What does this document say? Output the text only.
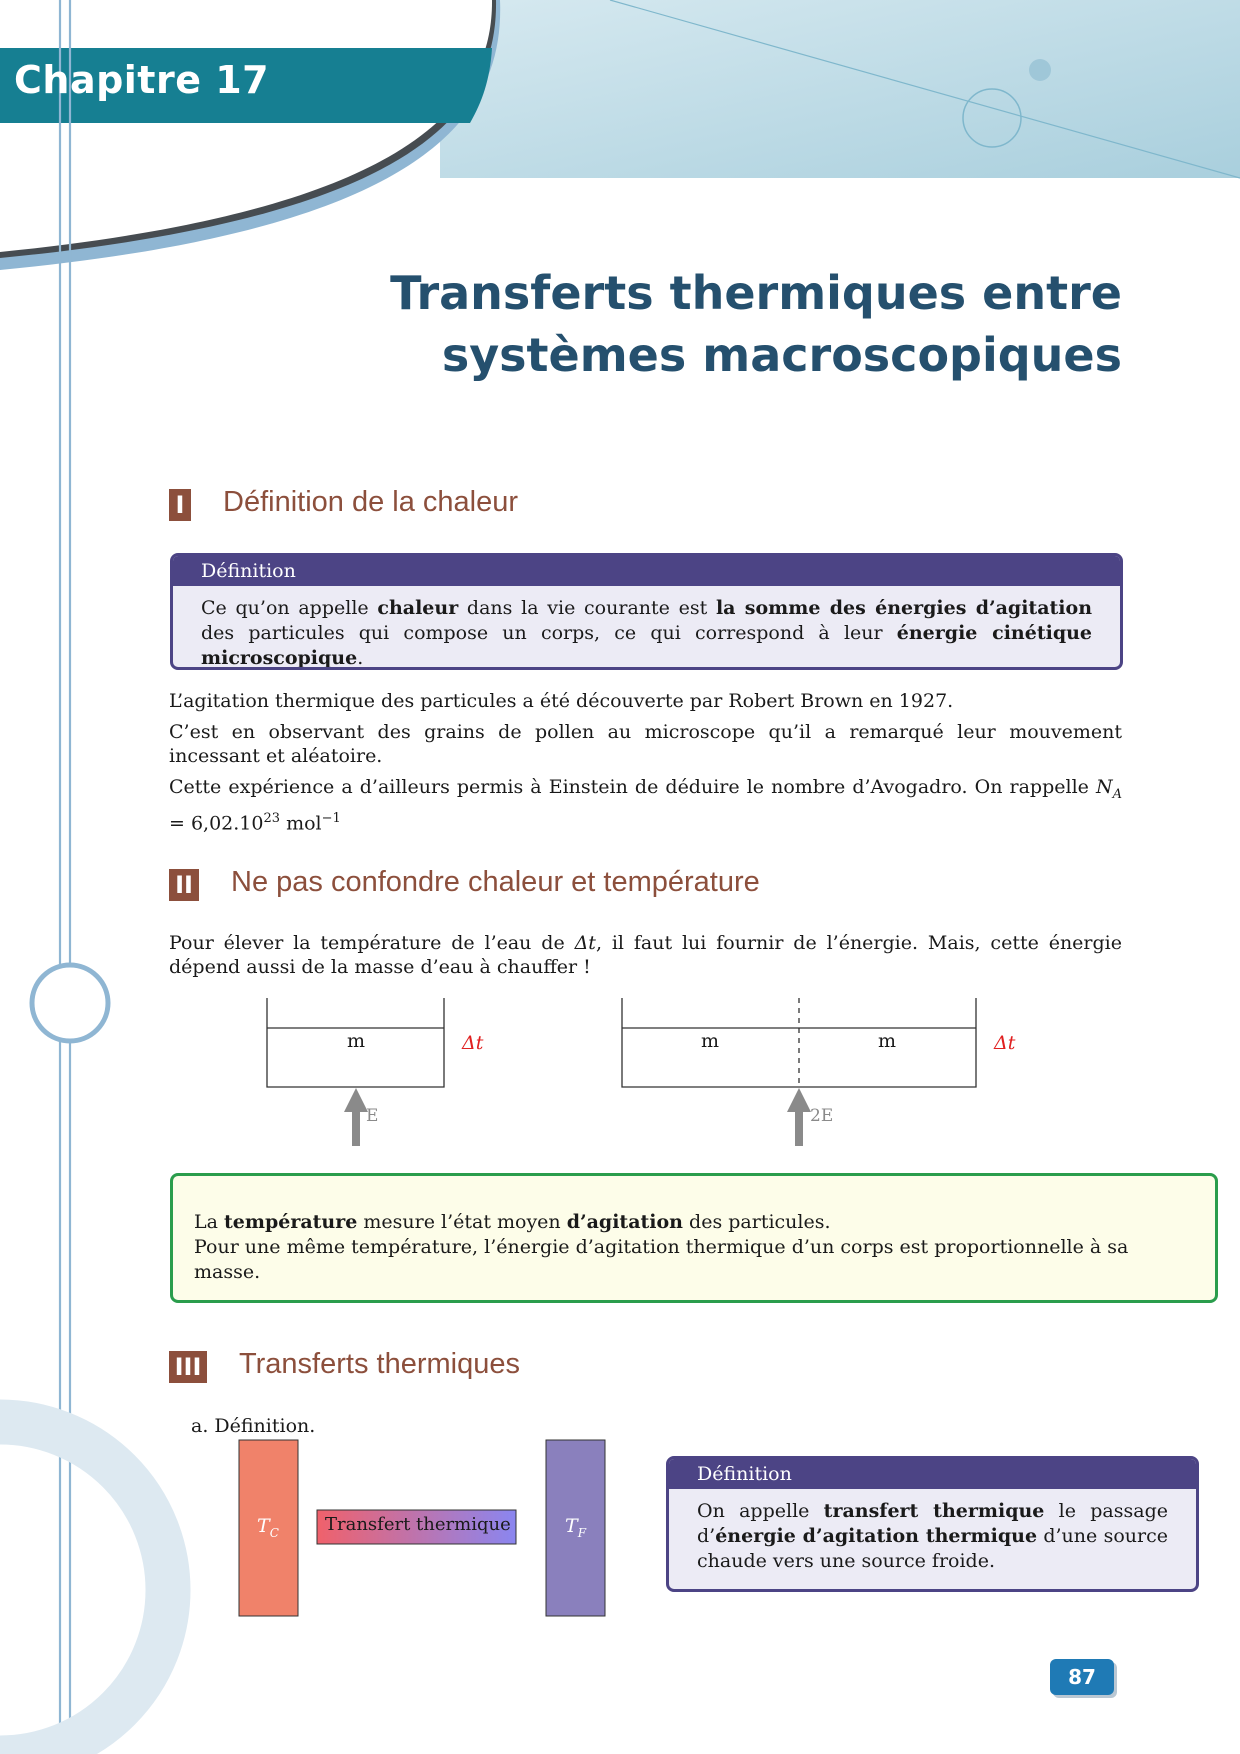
Chapitre 17
Transferts thermiques entre
systèmes macroscopiques
I Définition de la chaleur
Définition
Ce qu’on appelle chaleur dans la vie courante est la somme des énergies d’agitation des particules qui compose un corps, ce qui correspond à leur énergie cinétique microscopique.
L’agitation thermique des particules a été découverte par Robert Brown en 1927.
C’est en observant des grains de pollen au microscope qu’il a remarqué leur mouvement incessant et aléatoire.
Cette expérience a d’ailleurs permis à Einstein de déduire le nombre d’Avogadro. On rappelle $N_A = 6,02.10^{23}$ mol$^{-1}$
II Ne pas confondre chaleur et température
Pour élever la température de l’eau de Δt, il faut lui fournir de l’énergie. Mais, cette énergie dépend aussi de la masse d’eau à chauffer !
m	m	m
Δt	Δt
E	2E
La température mesure l’état moyen d’agitation des particules.
Pour une même température, l’énergie d’agitation thermique d’un corps est proportionnelle à sa masse.
III Transferts thermiques
a. Définition.
$T_C$	$T_F$
Transfert thermique
Définition
On appelle transfert thermique le passage d’énergie d’agitation thermique d’une source chaude vers une source froide.
87
